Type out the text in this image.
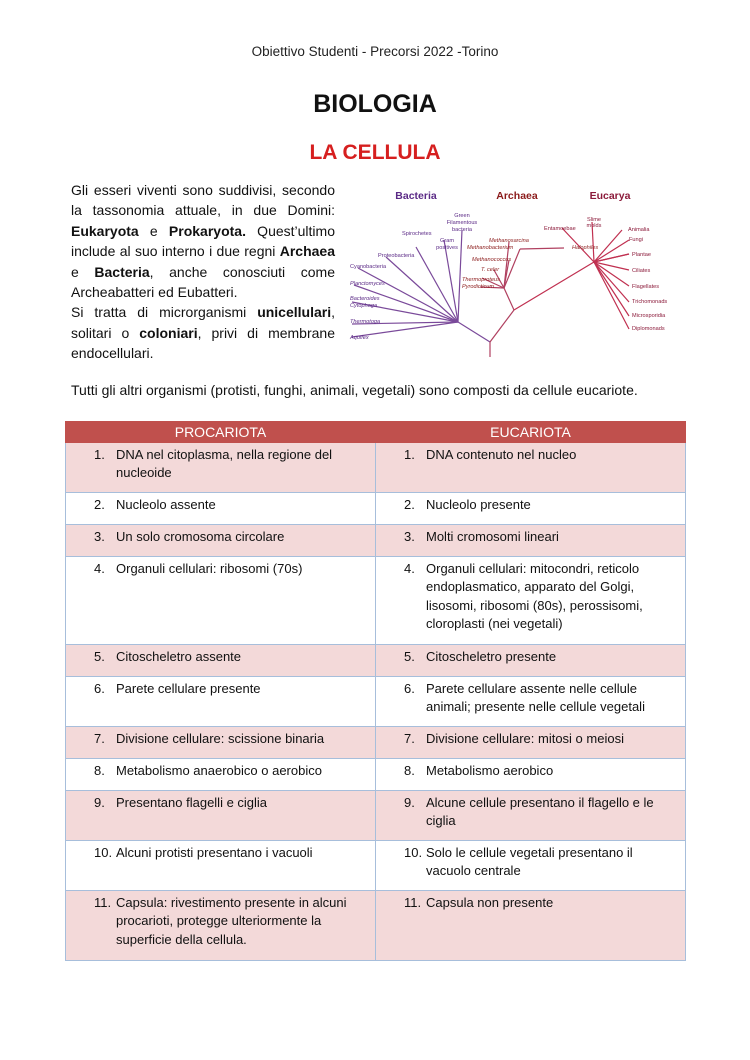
Obiettivo Studenti - Precorsi 2022 -Torino
BIOLOGIA
LA CELLULA

Gli esseri viventi sono suddivisi, secondo la tassonomia attuale, in due Domini: Eukaryota e Prokaryota. Quest’ultimo include al suo interno i due regni Archaea e Bacteria, anche conosciuti come Archeabatteri ed Eubatteri.

Si tratta di microrganismi unicellulari, solitari o coloniari, privi di membrane endocellulari.

Tutti gli altri organismi (protisti, funghi, animali, vegetali) sono composti da cellule eucariote.
Bacteria	Archaea	Eucarya
Green
Filamentous
bacteria
Spirochetes
Gram
positives
Proteobacteria
Cyanobacteria
Planctomyces
Bacteroides
Cytophaga
Thermotoga
Aquifex
Methanosarcina
Methanobacterium	Halophiles
Methanococcus
T. celer
Thermoproteus
Pyrodicticum
Entamoebae
Slime
molds
Animalia
Fungi
Plantae
Ciliates
Flagellates
Trichomonads
Microsporidia
Diplomonads
PROCARIOTA	EUCARIOTA

1. DNA nel citoplasma, nella regione del nucleoide	1. DNA contenuto nel nucleo

2. Nucleolo assente	2. Nucleolo presente

3. Un solo cromosoma circolare	3. Molti cromosomi lineari

4. Organuli cellulari: ribosomi (70s)	4. Organuli cellulari: mitocondri, reticolo endoplasmatico, apparato del Golgi, lisosomi, ribosomi (80s), perossisomi, cloroplasti (nei vegetali)

5. Citoscheletro assente	5. Citoscheletro presente

6. Parete cellulare presente	6. Parete cellulare assente nelle cellule animali; presente nelle cellule vegetali

7. Divisione cellulare: scissione binaria	7. Divisione cellulare: mitosi o meiosi

8. Metabolismo anaerobico o aerobico	8. Metabolismo aerobico

9. Presentano flagelli e ciglia	9. Alcune cellule presentano il flagello e le ciglia

10. Alcuni protisti presentano i vacuoli	10. Solo le cellule vegetali presentano il vacuolo centrale

11. Capsula: rivestimento presente in alcuni procarioti, protegge ulteriormente la superficie della cellula.	11. Capsula non presente
